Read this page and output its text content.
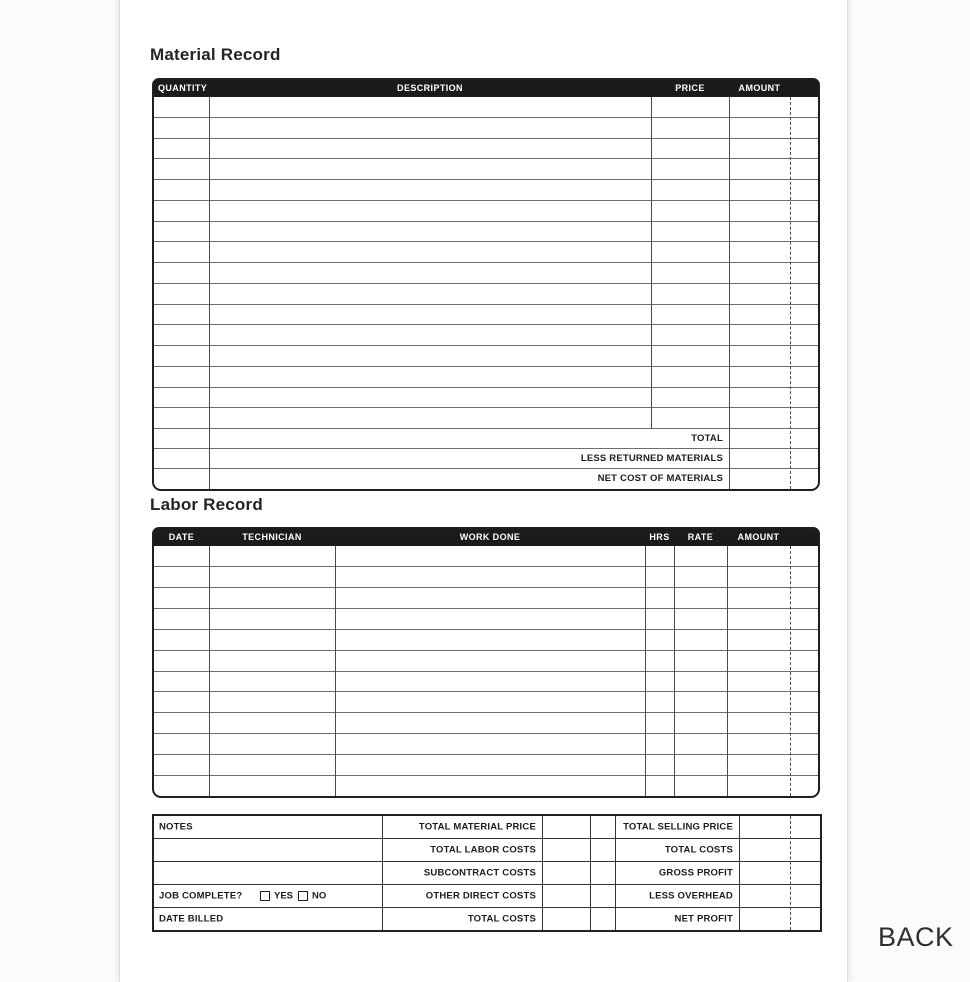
Material Record
QUANTITY	DESCRIPTION	PRICE	AMOUNT
TOTAL
LESS RETURNED MATERIALS
NET COST OF MATERIALS
Labor Record
DATE	TECHNICIAN	WORK DONE	HRS	RATE	AMOUNT
NOTES	TOTAL MATERIAL PRICE	TOTAL SELLING PRICE
TOTAL LABOR COSTS	TOTAL COSTS
SUBCONTRACT COSTS	GROSS PROFIT
JOB COMPLETE?	YES NO	OTHER DIRECT COSTS	LESS OVERHEAD
DATE BILLED	TOTAL COSTS	NET PROFIT
BACK
